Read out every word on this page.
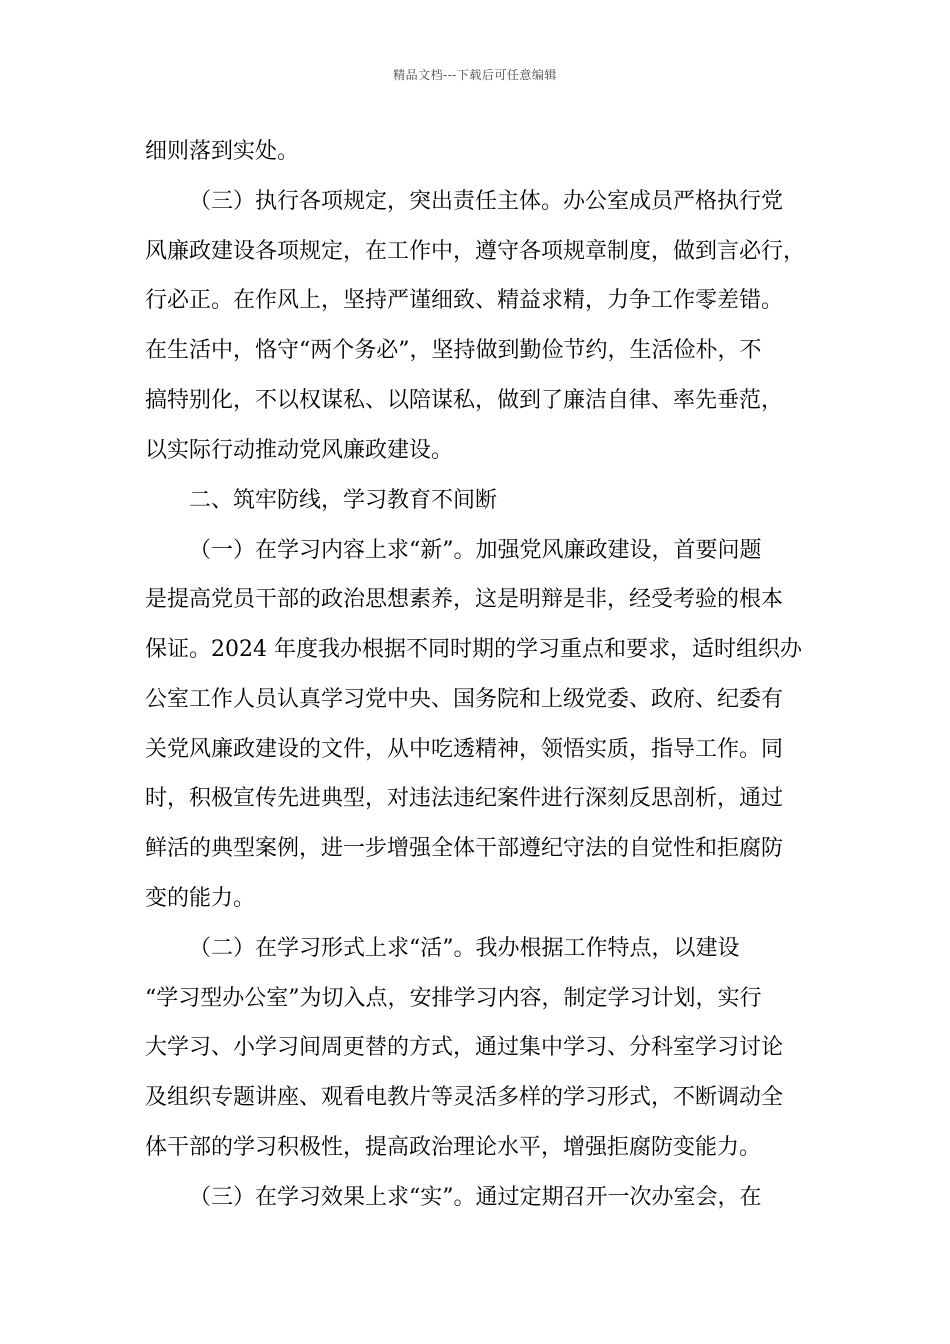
精品文档---下载后可任意编辑
细则落到实处。
（三）执行各项规定，突出责任主体。办公室成员严格执行党
风廉政建设各项规定，在工作中，遵守各项规章制度，做到言必行，
行必正。在作风上，坚持严谨细致、精益求精，力争工作零差错。
在生活中，恪守“两个务必”，坚持做到勤俭节约，生活俭朴，不
搞特别化，不以权谋私、以陪谋私，做到了廉洁自律、率先垂范，
以实际行动推动党风廉政建设。
二、筑牢防线，学习教育不间断
（一）在学习内容上求“新”。加强党风廉政建设，首要问题
是提高党员干部的政治思想素养，这是明辩是非，经受考验的根本
保证。2024 年度我办根据不同时期的学习重点和要求，适时组织办
公室工作人员认真学习党中央、国务院和上级党委、政府、纪委有
关党风廉政建设的文件，从中吃透精神，领悟实质，指导工作。同
时，积极宣传先进典型，对违法违纪案件进行深刻反思剖析，通过
鲜活的典型案例，进一步增强全体干部遵纪守法的自觉性和拒腐防
变的能力。
（二）在学习形式上求“活”。我办根据工作特点，以建设
“学习型办公室”为切入点，安排学习内容，制定学习计划，实行
大学习、小学习间周更替的方式，通过集中学习、分科室学习讨论
及组织专题讲座、观看电教片等灵活多样的学习形式，不断调动全
体干部的学习积极性，提高政治理论水平，增强拒腐防变能力。
（三）在学习效果上求“实”。通过定期召开一次办室会，在
